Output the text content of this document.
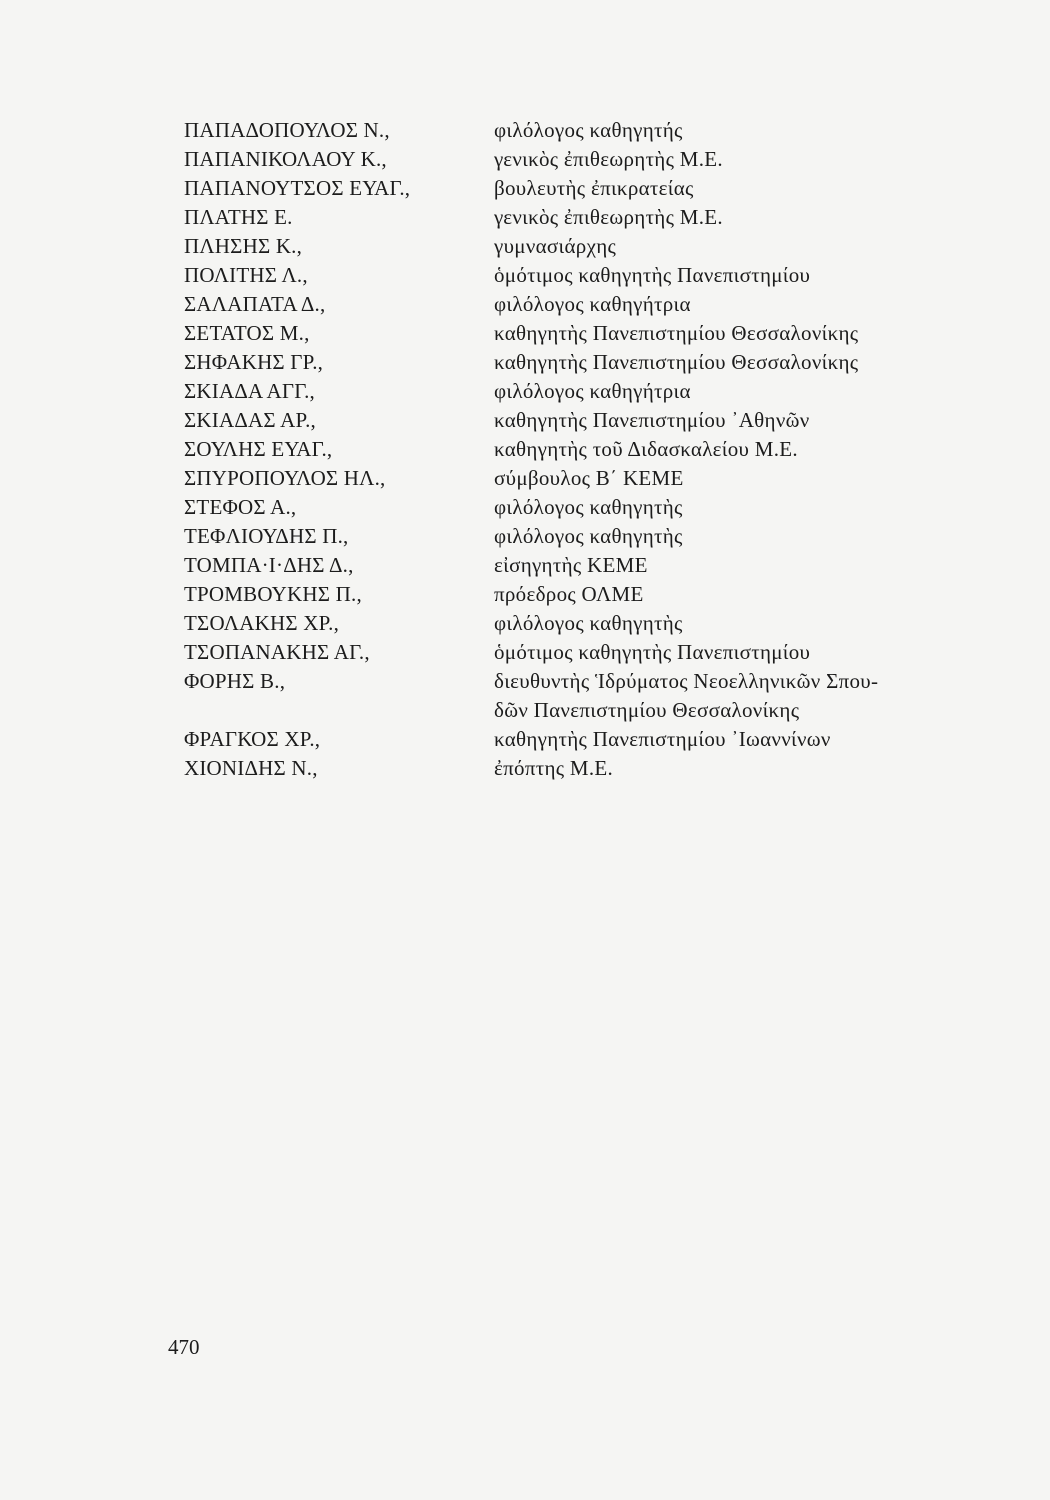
ΠΑΠΑΔΟΠΟΥΛΟΣ Ν.,	φιλόλογος καθηγητής
ΠΑΠΑΝΙΚΟΛΑΟΥ Κ.,	γενικὸς ἐπιθεωρητὴς Μ.Ε.
ΠΑΠΑΝΟΥΤΣΟΣ ΕΥΑΓ.,	βουλευτὴς ἐπικρατείας
ΠΛΑΤΗΣ Ε.	γενικὸς ἐπιθεωρητὴς Μ.Ε.
ΠΛΗΣΗΣ Κ.,	γυμνασιάρχης
ΠΟΛΙΤΗΣ Λ.,	ὁμότιμος καθηγητὴς Πανεπιστημίου
ΣΑΛΑΠΑΤΑ Δ.,	φιλόλογος καθηγήτρια
ΣΕΤΑΤΟΣ Μ.,	καθηγητὴς Πανεπιστημίου Θεσσαλονίκης
ΣΗΦΑΚΗΣ ΓΡ.,	καθηγητὴς Πανεπιστημίου Θεσσαλονίκης
ΣΚΙΑΔΑ ΑΓΓ.,	φιλόλογος καθηγήτρια
ΣΚΙΑΔΑΣ ΑΡ.,	καθηγητὴς Πανεπιστημίου ᾿Αθηνῶν
ΣΟΥΛΗΣ ΕΥΑΓ.,	καθηγητὴς τοῦ Διδασκαλείου Μ.Ε.
ΣΠΥΡΟΠΟΥΛΟΣ ΗΛ.,	σύμβουλος Β΄ ΚΕΜΕ
ΣΤΕΦΟΣ Α.,	φιλόλογος καθηγητὴς
ΤΕΦΛΙΟΥΔΗΣ Π.,	φιλόλογος καθηγητὴς
ΤΟΜΠΑ·Ι·ΔΗΣ Δ.,	εἰσηγητὴς ΚΕΜΕ
ΤΡΟΜΒΟΥΚΗΣ Π.,	πρόεδρος ΟΛΜΕ
ΤΣΟΛΑΚΗΣ ΧΡ.,	φιλόλογος καθηγητὴς
ΤΣΟΠΑΝΑΚΗΣ ΑΓ.,	ὁμότιμος καθηγητὴς Πανεπιστημίου
ΦΟΡΗΣ Β.,	διευθυντὴς Ἱδρύματος Νεοελληνικῶν Σπου-
δῶν Πανεπιστημίου Θεσσαλονίκης
ΦΡΑΓΚΟΣ ΧΡ.,	καθηγητὴς Πανεπιστημίου ᾿Ιωαννίνων
ΧΙΟΝΙΔΗΣ Ν.,	ἐπόπτης Μ.Ε.
470
